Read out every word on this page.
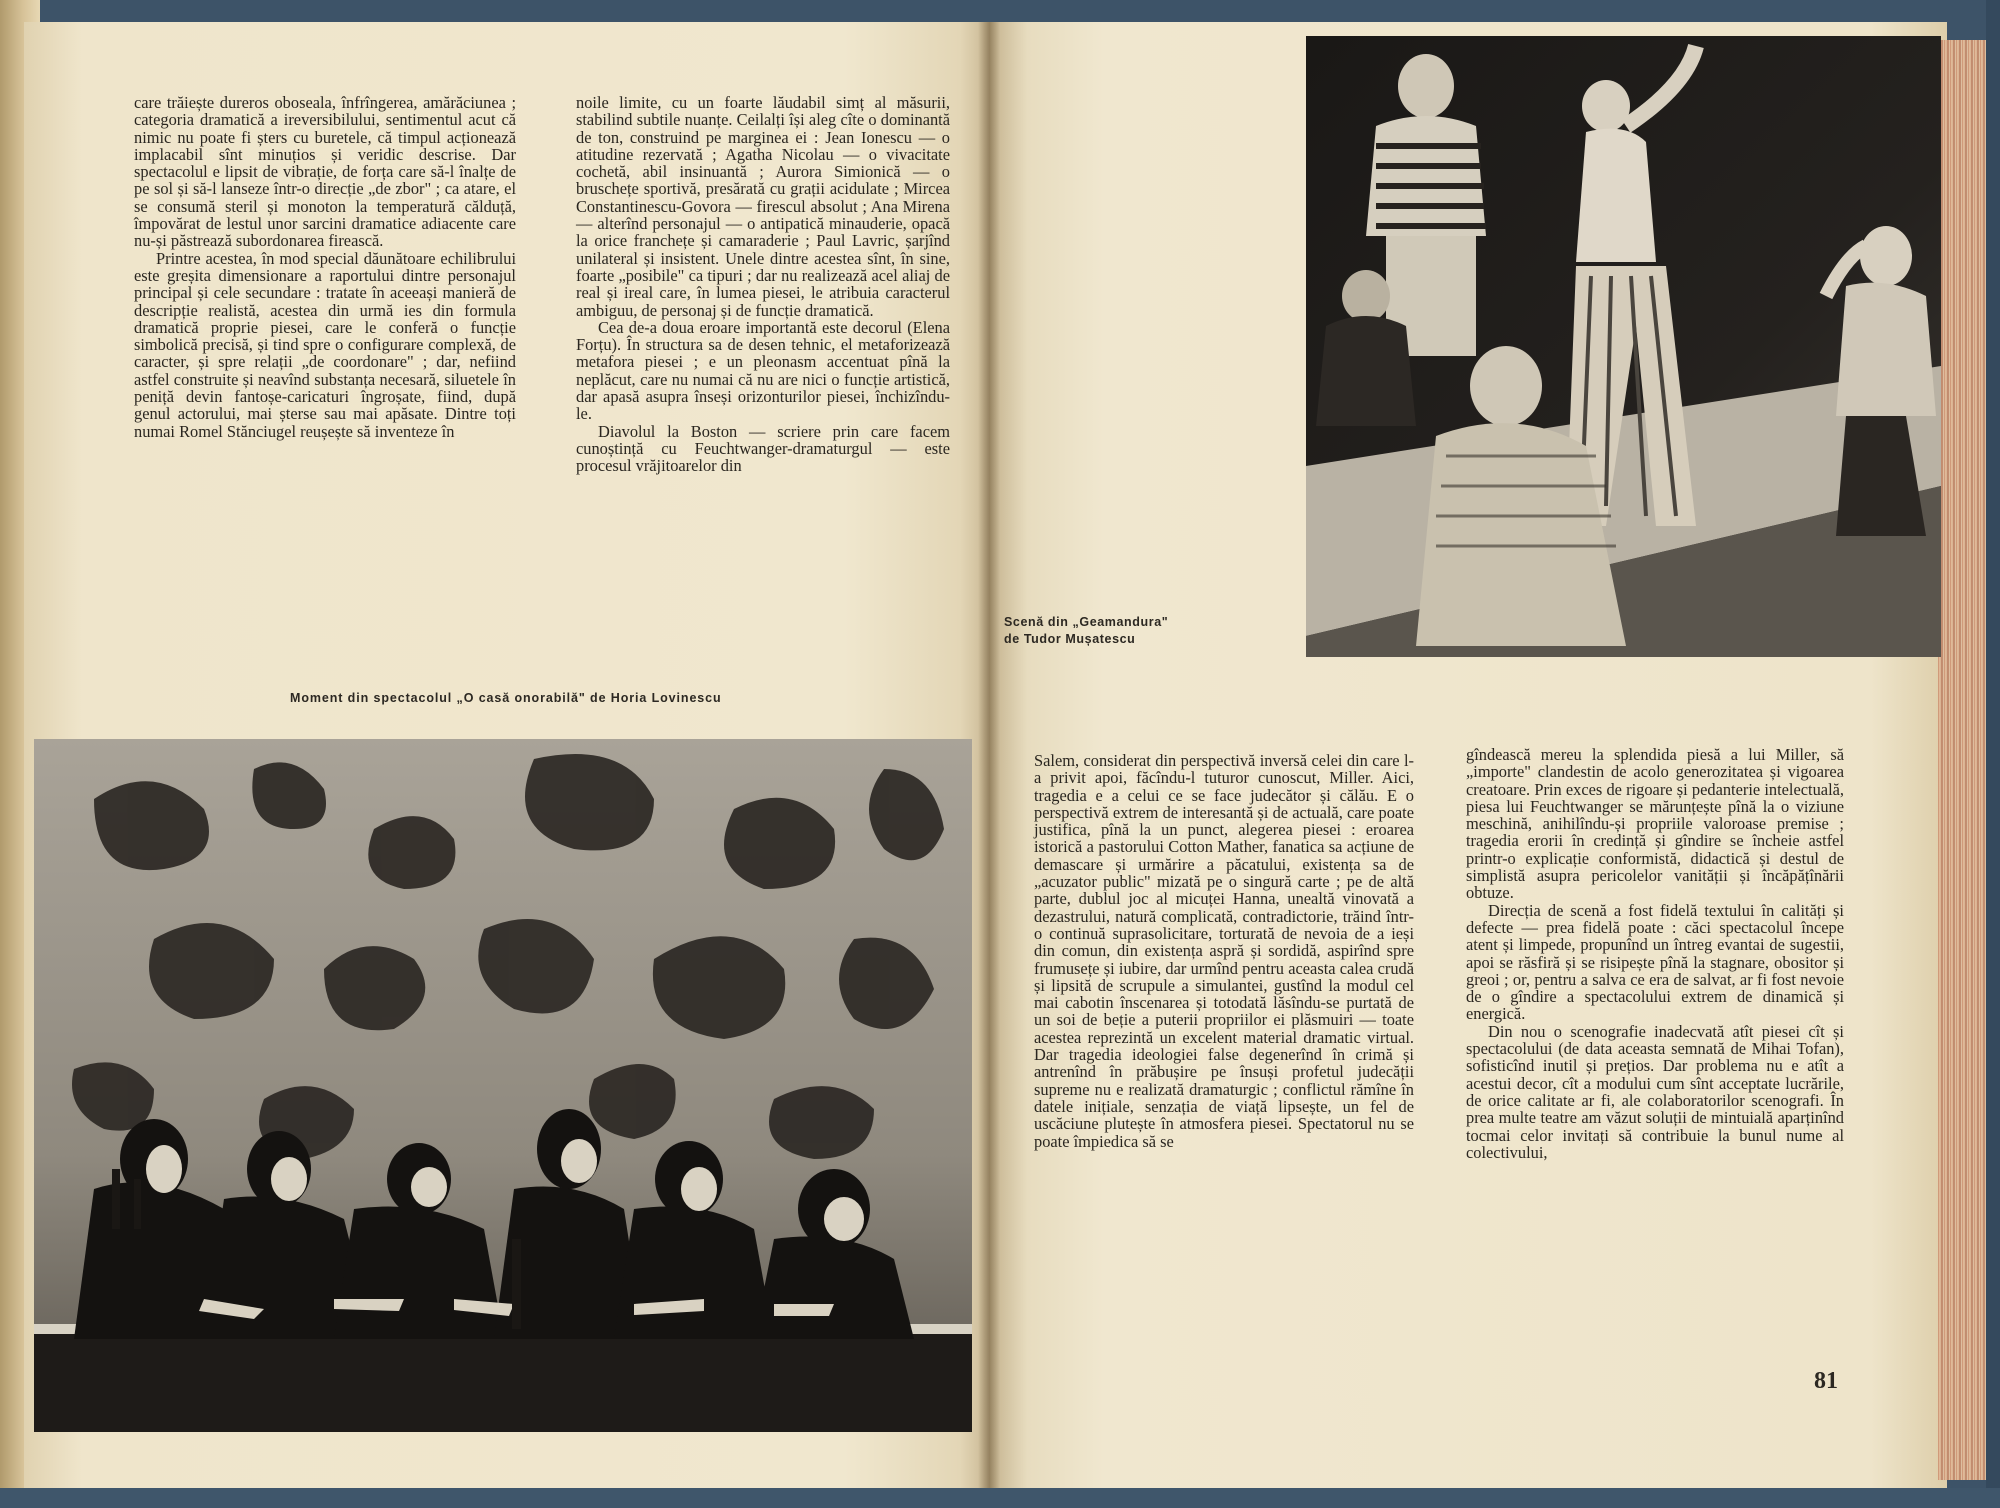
care trăiește dureros oboseala, înfrîngerea, amărăciunea ; categoria dramatică a ireversibilului, sentimentul acut că nimic nu poate fi șters cu buretele, că timpul acționează implacabil sînt minuțios și veridic descrise. Dar spectacolul e lipsit de vibrație, de forța care să-l înalțe de pe sol și să-l lanseze într-o direcție „de zbor" ; ca atare, el se consumă steril și monoton la temperatură călduță, împovărat de lestul unor sarcini dramatice adiacente care nu-și păstrează subordonarea firească.

Printre acestea, în mod special dăunătoare echilibrului este greșita dimensionare a raportului dintre personajul principal și cele secundare : tratate în aceeași manieră de descripție realistă, acestea din urmă ies din formula dramatică proprie piesei, care le conferă o funcție simbolică precisă, și tind spre o configurare complexă, de caracter, și spre relații „de coordonare" ; dar, nefiind astfel construite și neavînd substanța necesară, siluetele în peniță devin fantoșe-caricaturi îngroșate, fiind, după genul actorului, mai șterse sau mai apăsate. Dintre toți numai Romel Stănciugel reușește să inventeze în

noile limite, cu un foarte lăudabil simț al măsurii, stabilind subtile nuanțe. Ceilalți își aleg cîte o dominantă de ton, construind pe marginea ei : Jean Ionescu — o atitudine rezervată ; Agatha Nicolau — o vivacitate cochetă, abil insinuantă ; Aurora Simionică — o bruschețe sportivă, presărată cu grații acidulate ; Mircea Constantinescu-Govora — firescul absolut ; Ana Mirena — alterînd personajul — o antipatică minauderie, opacă la orice franchețe și camaraderie ; Paul Lavric, șarjînd unilateral și insistent. Unele dintre acestea sînt, în sine, foarte „posibile" ca tipuri ; dar nu realizează acel aliaj de real și ireal care, în lumea piesei, le atribuia caracterul ambiguu, de personaj și de funcție dramatică.

Cea de-a doua eroare importantă este decorul (Elena Forțu). În structura sa de desen tehnic, el metaforizează metafora piesei ; e un pleonasm accentuat pînă la neplăcut, care nu numai că nu are nici o funcție artistică, dar apasă asupra înseși orizonturilor piesei, închizîndu-le.

Diavolul la Boston — scriere prin care facem cunoștință cu Feuchtwanger-dramaturgul — este procesul vrăjitoarelor din

Moment din spectacolul „O casă onorabilă" de Horia Lovinescu
Scenă din „Geamandura" de Tudor Mușatescu

Salem, considerat din perspectivă inversă celei din care l-a privit apoi, făcîndu-l tuturor cunoscut, Miller. Aici, tragedia e a celui ce se face judecător și călău. E o perspectivă extrem de interesantă și de actuală, care poate justifica, pînă la un punct, alegerea piesei : eroarea istorică a pastorului Cotton Mather, fanatica sa acțiune de demascare și urmărire a păcatului, existența sa de „acuzator public" mizată pe o singură carte ; pe de altă parte, dublul joc al micuței Hanna, unealtă vinovată a dezastrului, natură complicată, contradictorie, trăind într-o continuă suprasolicitare, torturată de nevoia de a ieși din comun, din existența aspră și sordidă, aspirînd spre frumusețe și iubire, dar urmînd pentru aceasta calea crudă și lipsită de scrupule a simulantei, gustînd la modul cel mai cabotin înscenarea și totodată lăsîndu-se purtată de un soi de beție a puterii propriilor ei plăsmuiri — toate acestea reprezintă un excelent material dramatic virtual. Dar tragedia ideologiei false degenerînd în crimă și antrenînd în prăbușire pe însuși profetul judecății supreme nu e realizată dramaturgic ; conflictul rămîne în datele inițiale, senzația de viață lipsește, un fel de uscăciune plutește în atmosfera piesei. Spectatorul nu se poate împiedica să se

gîndească mereu la splendida piesă a lui Miller, să „importe" clandestin de acolo generozitatea și vigoarea creatoare. Prin exces de rigoare și pedanterie intelectuală, piesa lui Feuchtwanger se mărunțește pînă la o viziune meschină, anihilîndu-și propriile valoroase premise ; tragedia erorii în credință și gîndire se încheie astfel printr-o explicație conformistă, didactică și destul de simplistă asupra pericolelor vanității și încăpățînării obtuze.

Direcția de scenă a fost fidelă textului în calități și defecte — prea fidelă poate : căci spectacolul începe atent și limpede, propunînd un întreg evantai de sugestii, apoi se răsfiră și se risipește pînă la stagnare, obositor și greoi ; or, pentru a salva ce era de salvat, ar fi fost nevoie de o gîndire a spectacolului extrem de dinamică și energică.

Din nou o scenografie inadecvată atît piesei cît și spectacolului (de data aceasta semnată de Mihai Tofan), sofisticînd inutil și prețios. Dar problema nu e atît a acestui decor, cît a modului cum sînt acceptate lucrările, de orice calitate ar fi, ale colaboratorilor scenografi. În prea multe teatre am văzut soluții de mintuială aparținînd tocmai celor invitați să contribuie la bunul nume al colectivului,

81
